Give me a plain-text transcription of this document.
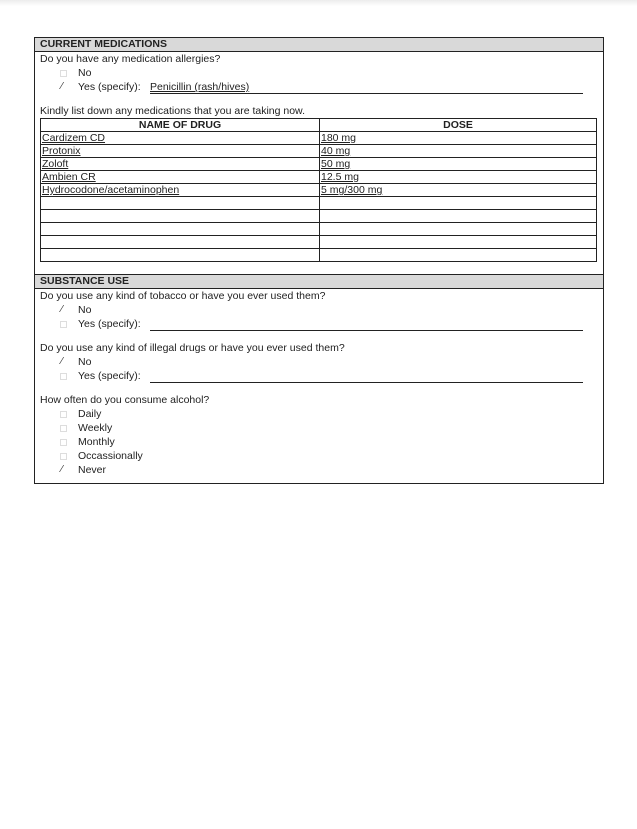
CURRENT MEDICATIONS
Do you have any medication allergies?
No
⁄	Yes (specify): Penicillin (rash/hives)
Kindly list down any medications that you are taking now.
NAME OF DRUG	DOSE
Cardizem CD	180 mg
Protonix	40 mg
Zoloft	50 mg
Ambien CR	12.5 mg
Hydrocodone/acetaminophen	5 mg/300 mg

SUBSTANCE USE
Do you use any kind of tobacco or have you ever used them?
⁄	No
Yes (specify):
Do you use any kind of illegal drugs or have you ever used them?
⁄	No
Yes (specify):
How often do you consume alcohol?
Daily
Weekly
Monthly
Occassionally
⁄	Never
